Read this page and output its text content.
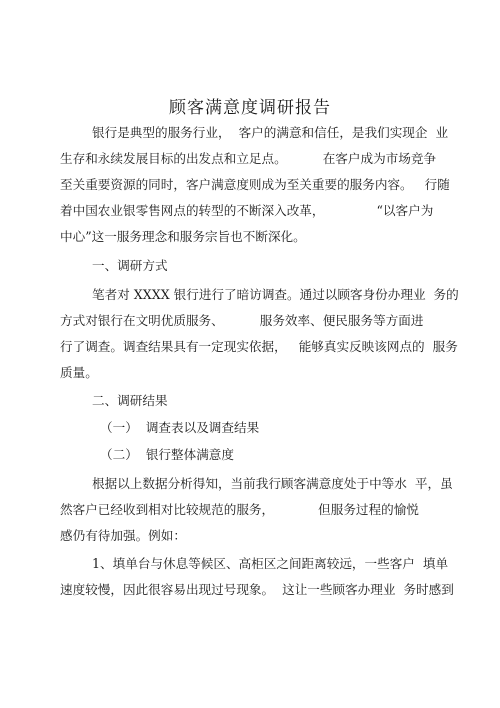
顾客满意度调研报告

银行是典型的服务行业，  客户的满意和信任，是我们实现企  业

生存和永续发展目标的出发点和立足点。         在客户成为市场竞争

至关重要资源的同时，客户满意度则成为至关重要的服务内容。   行随

着中国农业银零售网点的转型的不断深入改革，             “以客户为

中心”这一服务理念和服务宗旨也不断深化。

一、调研方式

笔者对 XXXX 银行进行了暗访调查。通过以顾客身份办理业  务的

方式对银行在文明优质服务、         服务效率、便民服务等方面进

行了调查。调查结果具有一定现实依据，   能够真实反映该网点的  服务

质量。

二、调研结果

（一）  调查表以及调查结果

（二）  银行整体满意度

根据以上数据分析得知，当前我行顾客满意度处于中等水  平，虽

然客户已经收到相对比较规范的服务，           但服务过程的愉悦

感仍有待加强。例如：

1、填单台与休息等候区、高柜区之间距离较远，一些客户  填单

速度较慢，因此很容易出现过号现象。  这让一些顾客办理业  务时感到
